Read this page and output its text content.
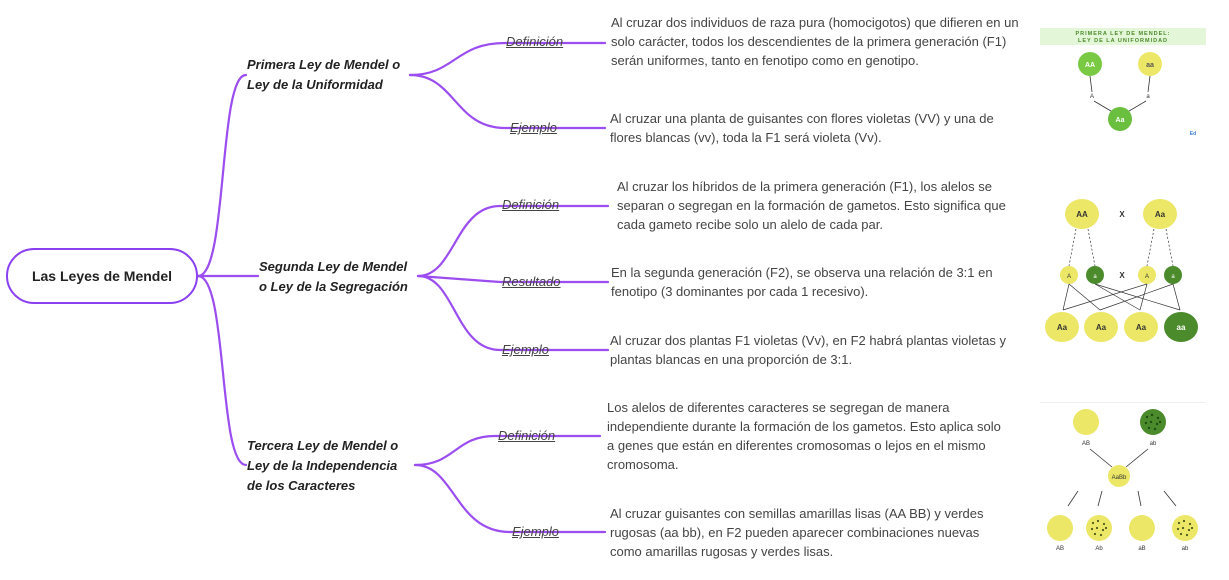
Las Leyes de Mendel
Primera Ley de Mendel o
Ley de la Uniformidad
Definición
Al cruzar dos individuos de raza pura (homocigotos) que difieren en un solo carácter, todos los descendientes de la primera generación (F1) serán uniformes, tanto en fenotipo como en genotipo.
Ejemplo
Al cruzar una planta de guisantes con flores violetas (VV) y una de flores blancas (vv), toda la F1 será violeta (Vv).
Segunda Ley de Mendel
o Ley de la Segregación
Definición
Al cruzar los híbridos de la primera generación (F1), los alelos se separan o segregan en la formación de gametos. Esto significa que cada gameto recibe solo un alelo de cada par.
Resultado
En la segunda generación (F2), se observa una relación de 3:1 en fenotipo (3 dominantes por cada 1 recesivo).
Ejemplo
Al cruzar dos plantas F1 violetas (Vv), en F2 habrá plantas violetas y plantas blancas en una proporción de 3:1.
Tercera Ley de Mendel o
Ley de la Independencia
de los Caracteres
Definición
Los alelos de diferentes caracteres se segregan de manera independiente durante la formación de los gametos. Esto aplica solo a genes que están en diferentes cromosomas o lejos en el mismo cromosoma.
Ejemplo
Al cruzar guisantes con semillas amarillas lisas (AA BB) y verdes rugosas (aa bb), en F2 pueden aparecer combinaciones nuevas como amarillas rugosas y verdes lisas.
PRIMERA LEY DE MENDEL:
LEY DE LA UNIFORMIDAD
AA	aa
A	a
Aa
Ed
AA	X	Aa
A	a	X	A	a
Aa	Aa	Aa	aa
AB	ab
AaBb
AB	Ab	aB	ab
